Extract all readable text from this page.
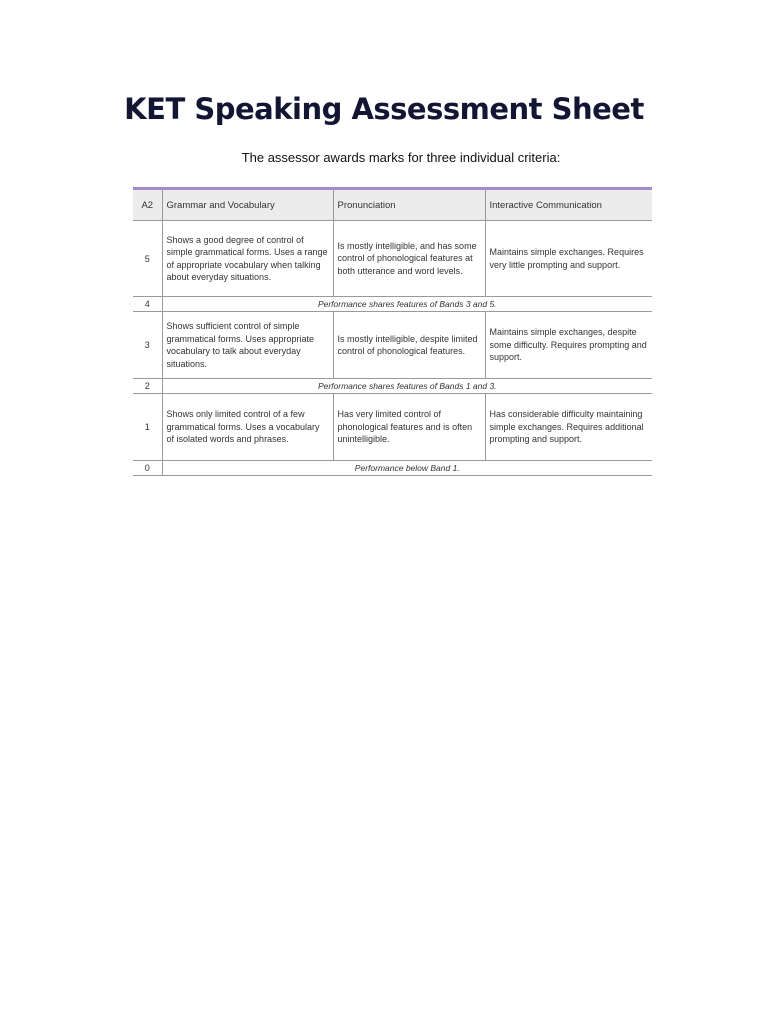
KET Speaking Assessment Sheet
The assessor awards marks for three individual criteria:
A2	Grammar and Vocabulary	Pronunciation	Interactive Communication
5	Shows a good degree of control of simple grammatical forms. Uses a range of appropriate vocabulary when talking about everyday situations.	Is mostly intelligible, and has some control of phonological features at both utterance and word levels.	Maintains simple exchanges. Requires very little prompting and support.
4	Performance shares features of Bands 3 and 5.		
3	Shows sufficient control of simple grammatical forms. Uses appropriate vocabulary to talk about everyday situations.	Is mostly intelligible, despite limited control of phonological features.	Maintains simple exchanges, despite some difficulty. Requires prompting and support.
2	Performance shares features of Bands 1 and 3.		
1	Shows only limited control of a few grammatical forms. Uses a vocabulary of isolated words and phrases.	Has very limited control of phonological features and is often unintelligible.	Has considerable difficulty maintaining simple exchanges. Requires additional prompting and support.
0	Performance below Band 1.		
